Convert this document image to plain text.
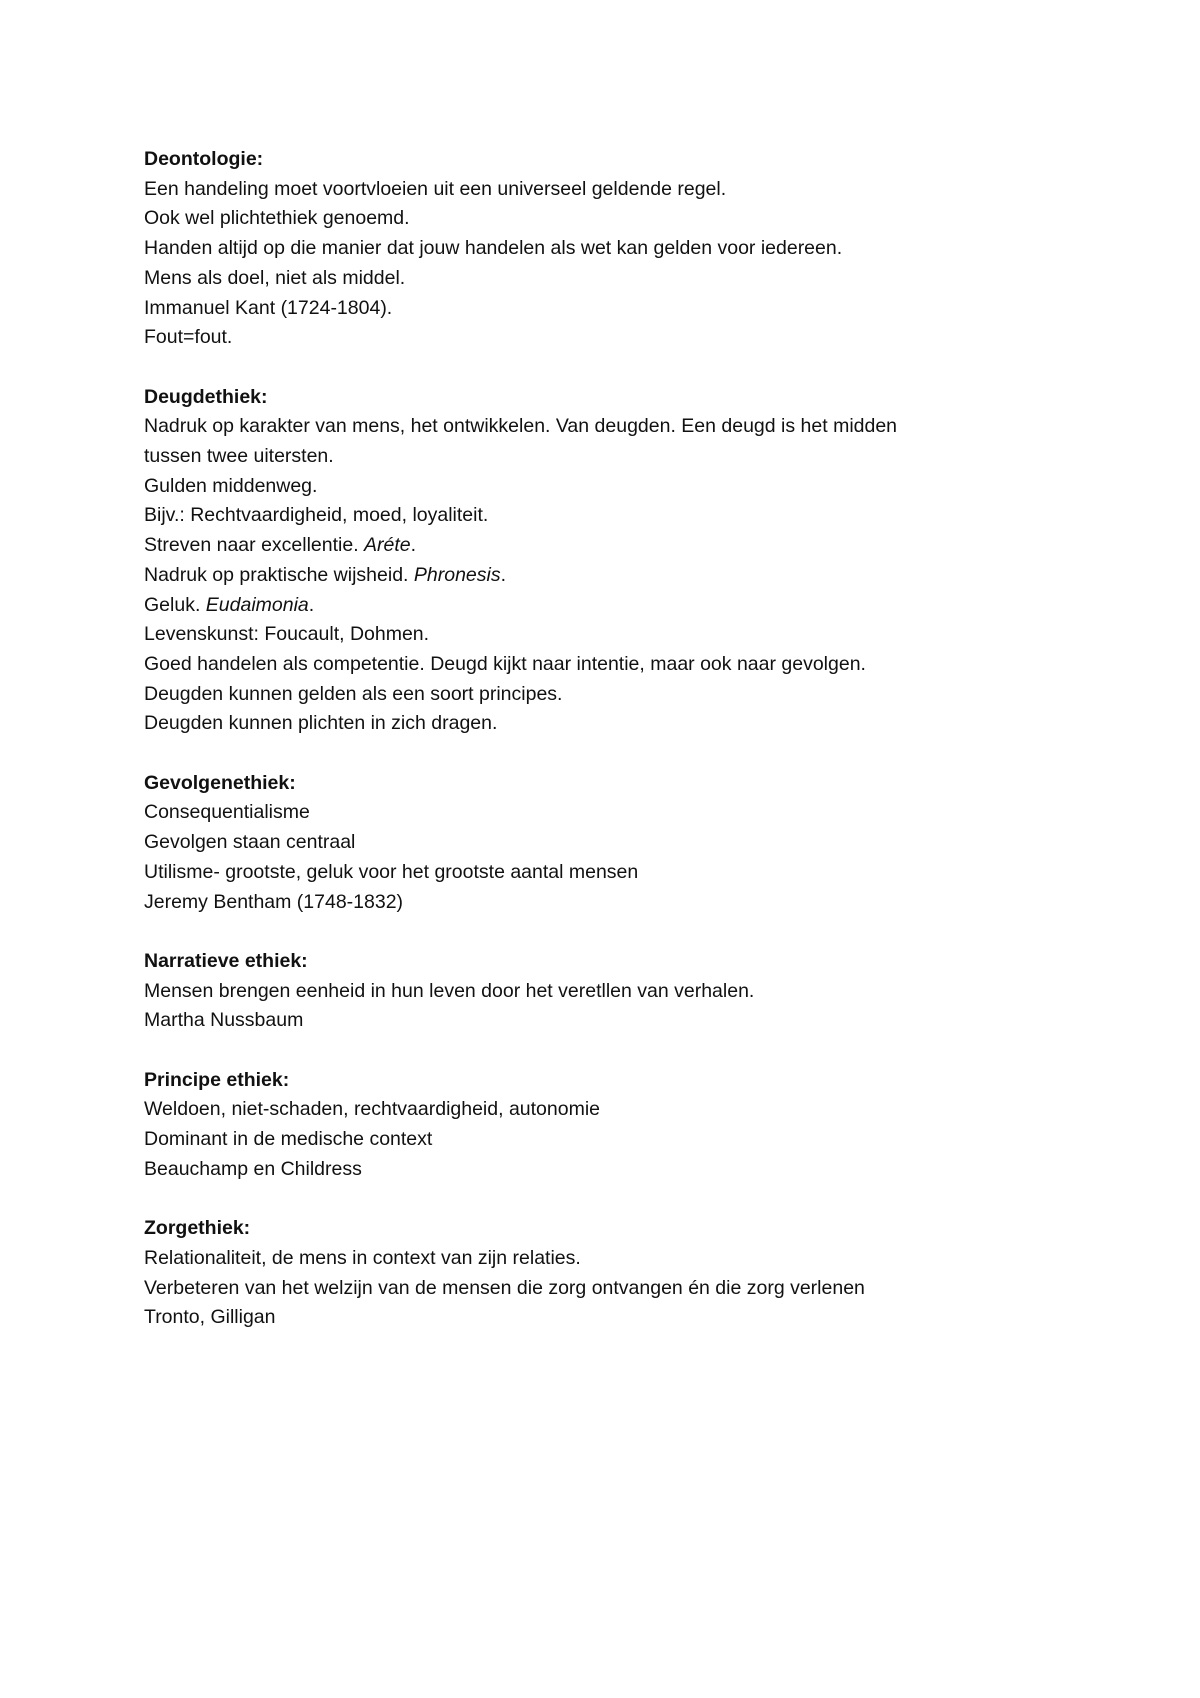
Deontologie:
Een handeling moet voortvloeien uit een universeel geldende regel.
Ook wel plichtethiek genoemd.
Handen altijd op die manier dat jouw handelen als wet kan gelden voor iedereen.
Mens als doel, niet als middel.
Immanuel Kant (1724-1804).
Fout=fout.
Deugdethiek:
Nadruk op karakter van mens, het ontwikkelen. Van deugden. Een deugd is het midden tussen twee uitersten.
Gulden middenweg.
Bijv.: Rechtvaardigheid, moed, loyaliteit.
Streven naar excellentie. Aréte.
Nadruk op praktische wijsheid. Phronesis.
Geluk. Eudaimonia.
Levenskunst: Foucault, Dohmen.
Goed handelen als competentie. Deugd kijkt naar intentie, maar ook naar gevolgen.
Deugden kunnen gelden als een soort principes.
Deugden kunnen plichten in zich dragen.
Gevolgenethiek:
Consequentialisme
Gevolgen staan centraal
Utilisme- grootste, geluk voor het grootste aantal mensen
Jeremy Bentham (1748-1832)
Narratieve ethiek:
Mensen brengen eenheid in hun leven door het veretllen van verhalen.
Martha Nussbaum
Principe ethiek:
Weldoen, niet-schaden, rechtvaardigheid, autonomie
Dominant in de medische context
Beauchamp en Childress
Zorgethiek:
Relationaliteit, de mens in context van zijn relaties.
Verbeteren van het welzijn van de mensen die zorg ontvangen én die zorg verlenen
Tronto, Gilligan
